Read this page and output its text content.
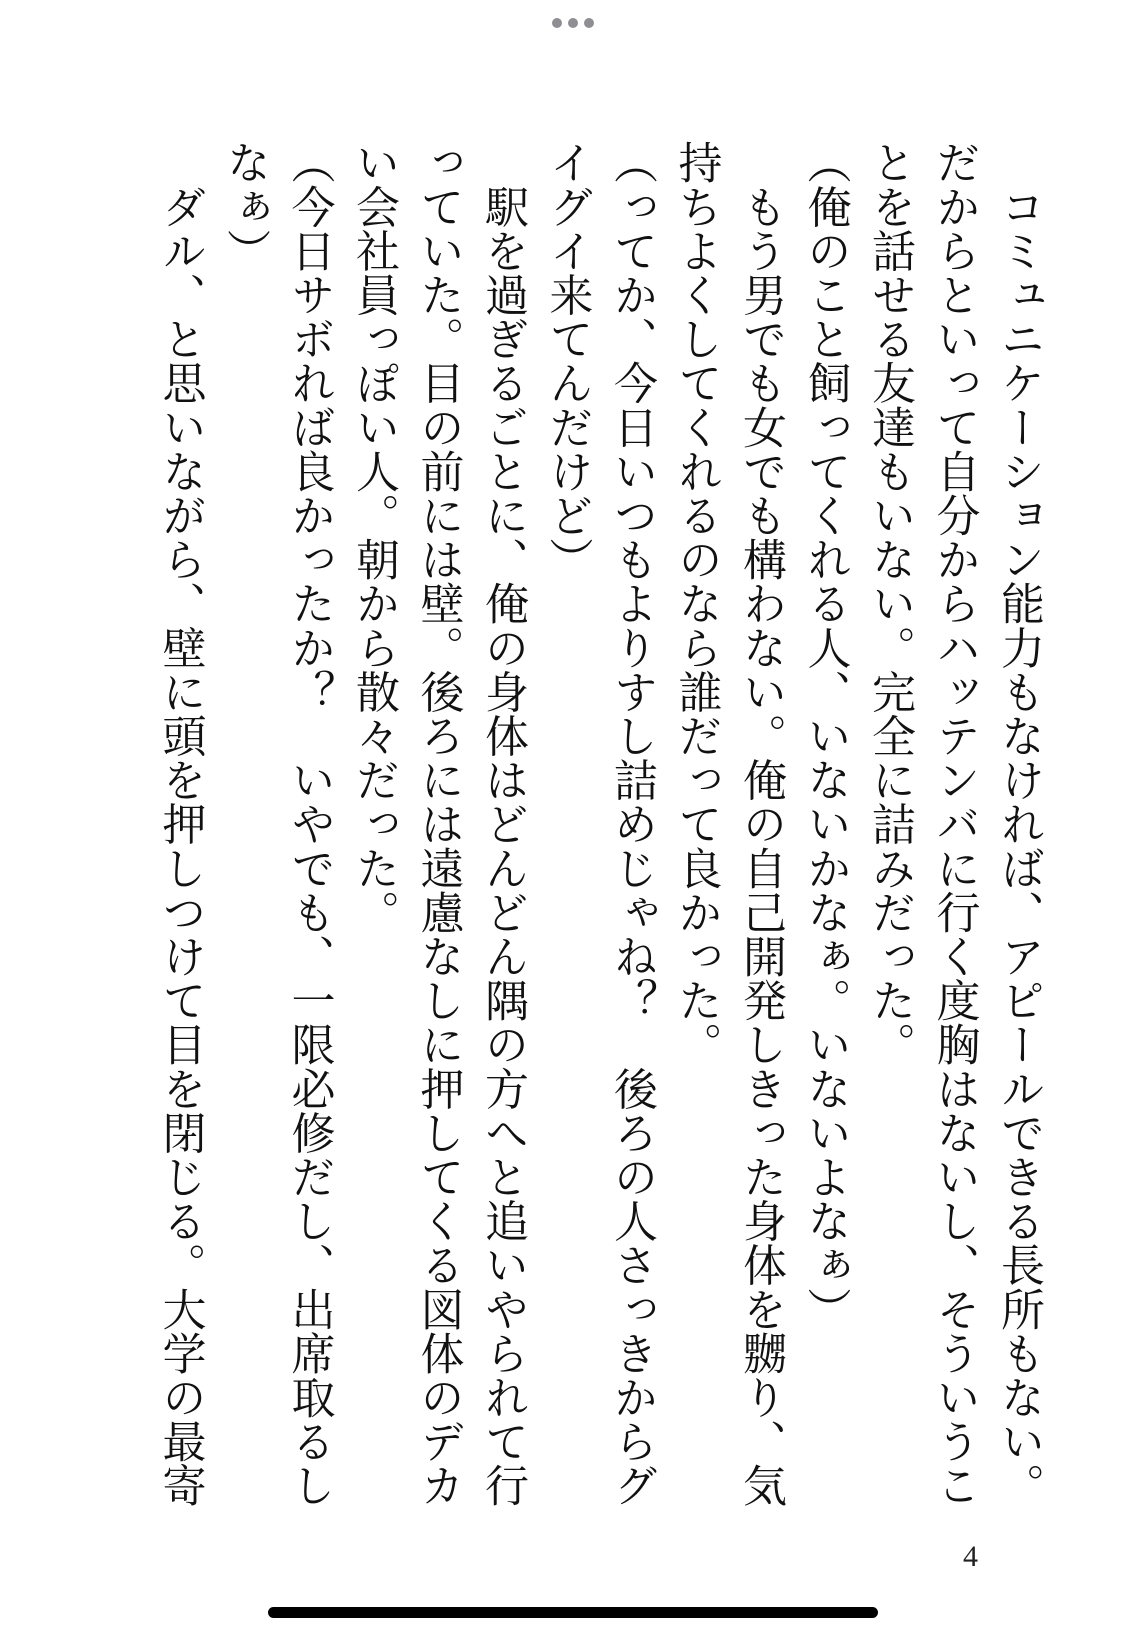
　コミュニケーション能力もなければ、アピールできる長所もない。
だからといって自分からハッテンバに行く度胸はないし、そういうこ
とを話せる友達もいない。完全に詰みだった。
（俺のこと飼ってくれる人、いないかなぁ。いないよなぁ）
　もう男でも女でも構わない。俺の自己開発しきった身体を嬲り、気
持ちよくしてくれるのなら誰だって良かった。
（ってか、今日いつもよりすし詰めじゃね？　後ろの人さっきからグ
イグイ来てんだけど）
　駅を過ぎるごとに、俺の身体はどんどん隅の方へと追いやられて行
っていた。目の前には壁。後ろには遠慮なしに押してくる図体のデカ
い会社員っぽい人。朝から散々だった。
（今日サボれば良かったか？　いやでも、一限必修だし、出席取るし
なぁ）
　ダル、と思いながら、壁に頭を押しつけて目を閉じる。大学の最寄
4
